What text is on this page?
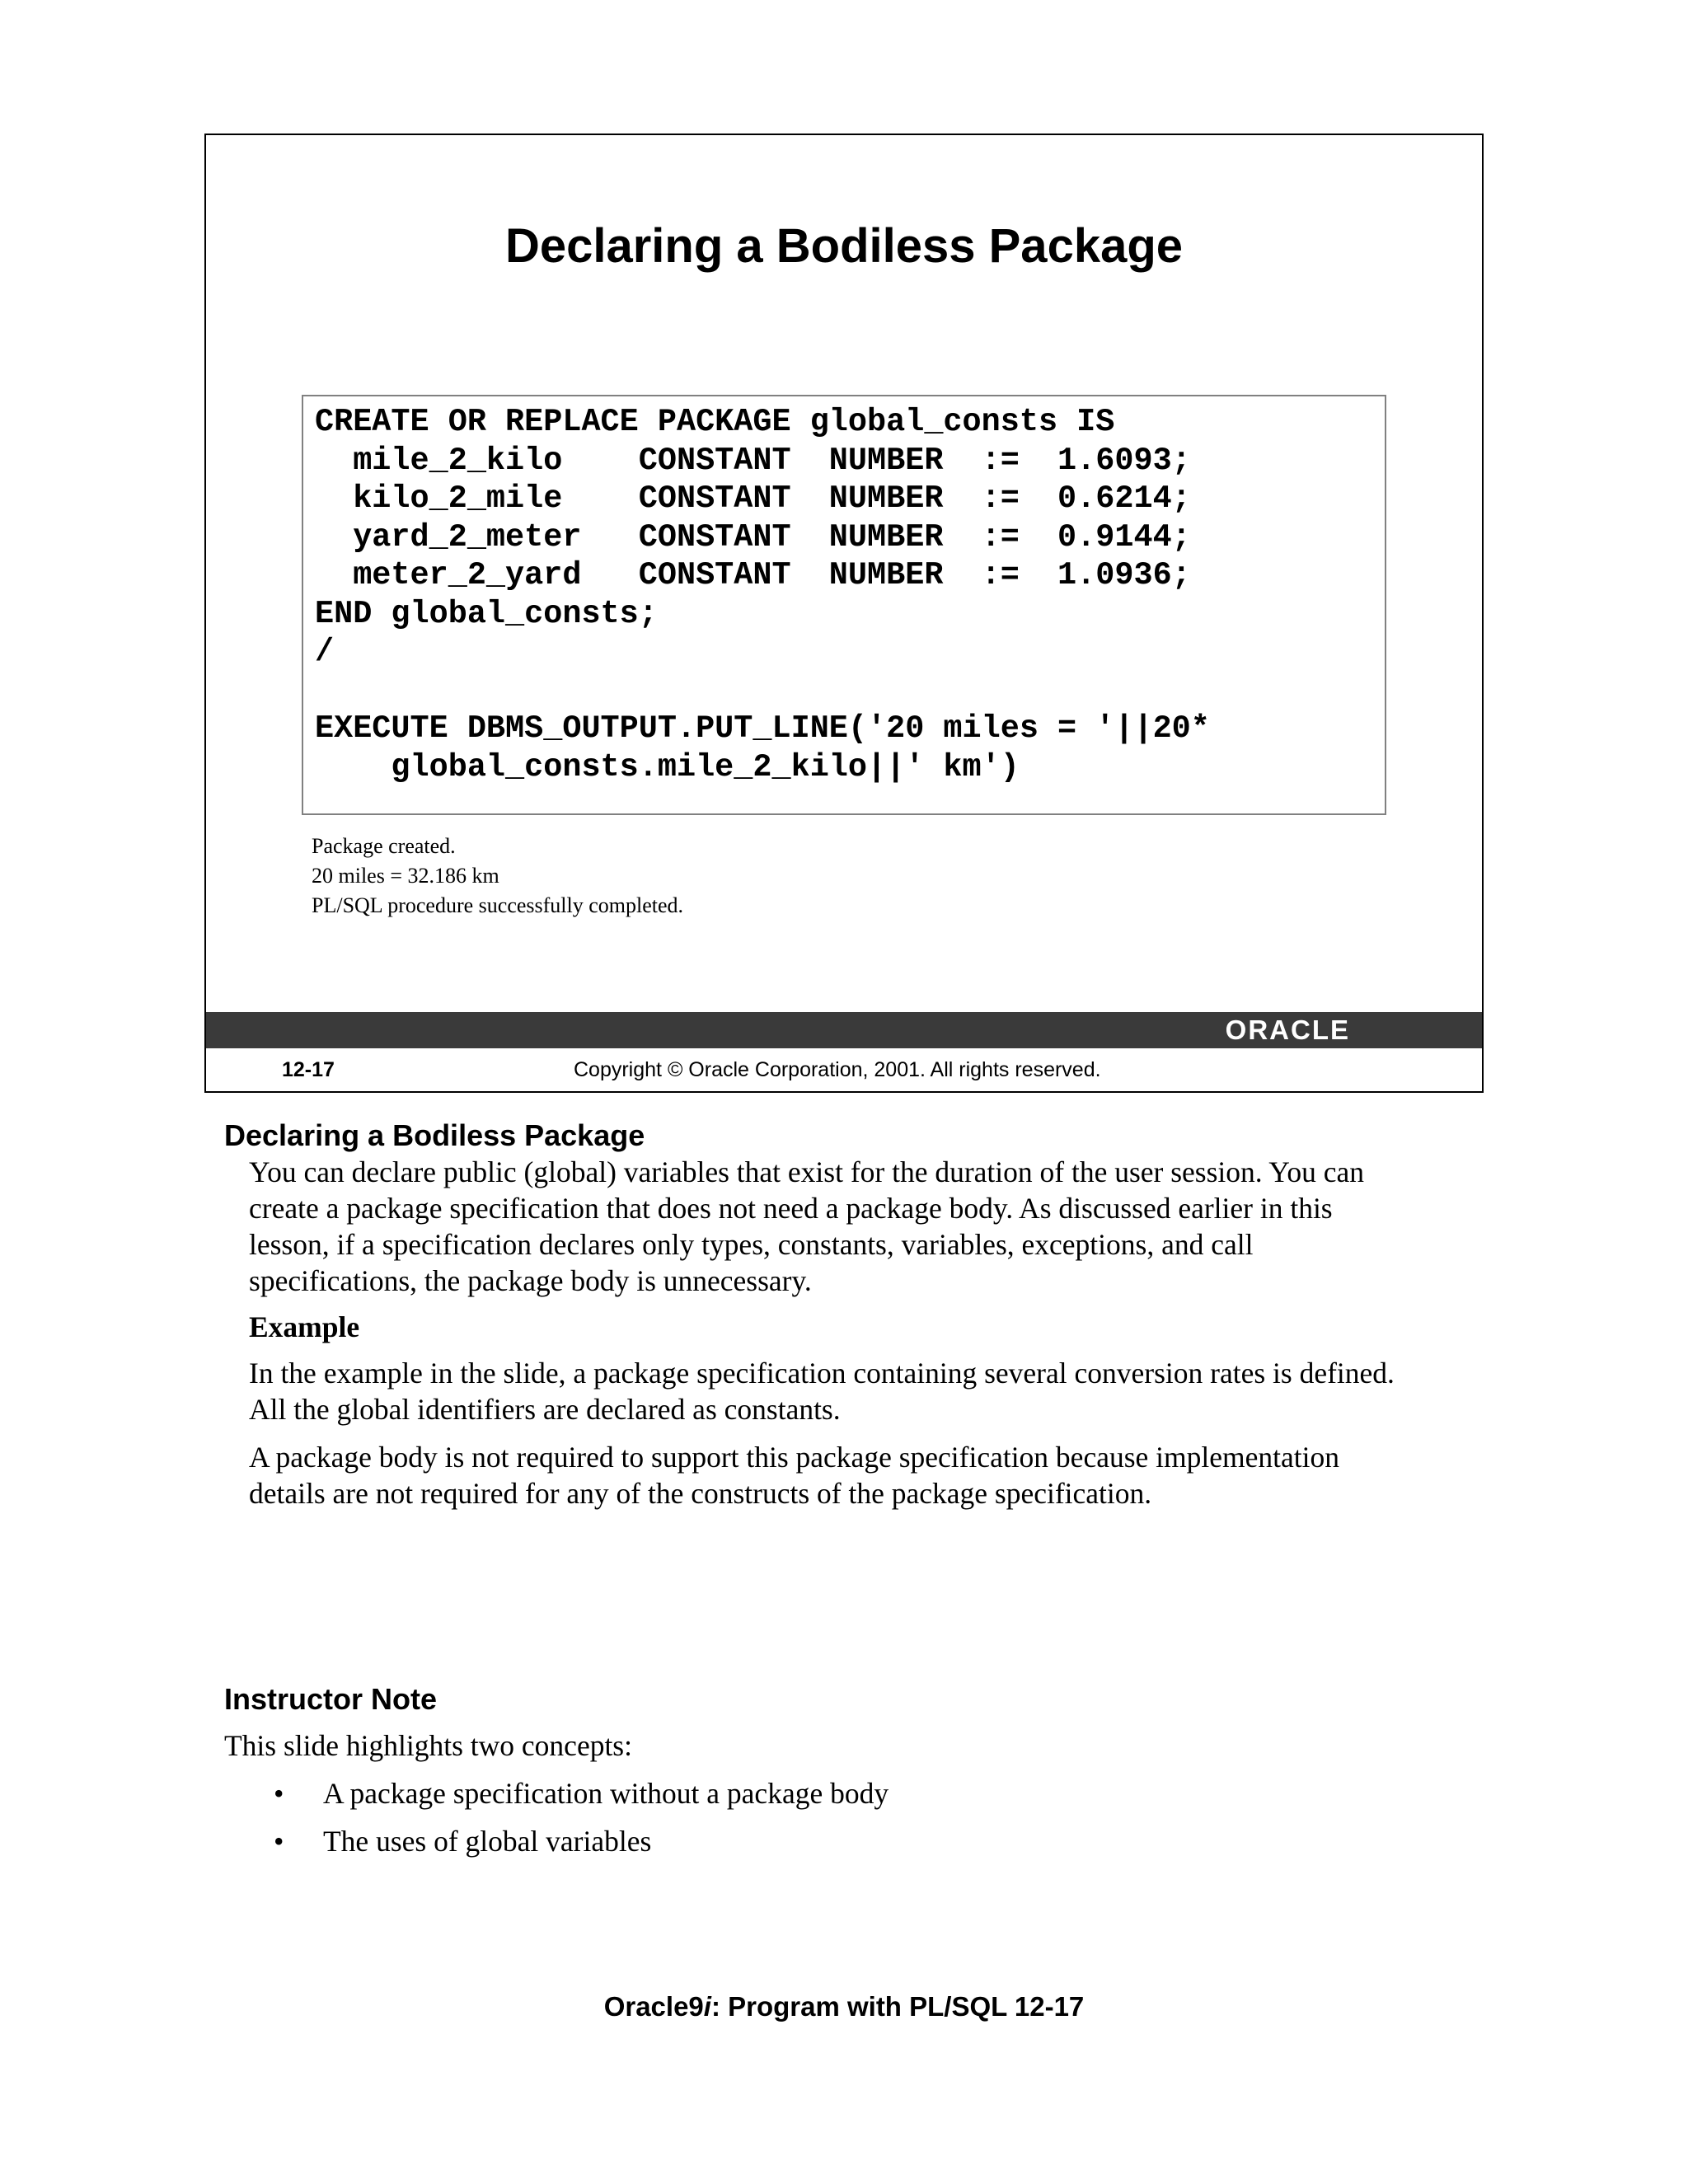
Declaring a Bodiless Package
CREATE OR REPLACE PACKAGE global_consts IS
mile_2_kilo    CONSTANT  NUMBER  :=  1.6093;
kilo_2_mile    CONSTANT  NUMBER  :=  0.6214;
yard_2_meter   CONSTANT  NUMBER  :=  0.9144;
meter_2_yard   CONSTANT  NUMBER  :=  1.0936;
END global_consts;
/
EXECUTE DBMS_OUTPUT.PUT_LINE('20 miles = '||20*
global_consts.mile_2_kilo||' km')
Package created.
20 miles = 32.186 km
PL/SQL procedure successfully completed.
ORACLE
12-17	Copyright © Oracle Corporation, 2001. All rights reserved.
Declaring a Bodiless Package
You can declare public (global) variables that exist for the duration of the user session. You can
create a package specification that does not need a package body. As discussed earlier in this
lesson, if a specification declares only types, constants, variables, exceptions, and call
specifications, the package body is unnecessary.
Example
In the example in the slide, a package specification containing several conversion rates is defined.
All the global identifiers are declared as constants.
A package body is not required to support this package specification because implementation
details are not required for any of the constructs of the package specification.
Instructor Note
This slide highlights two concepts:
• A package specification without a package body
• The uses of global variables
Oracle9i: Program with PL/SQL 12-17
